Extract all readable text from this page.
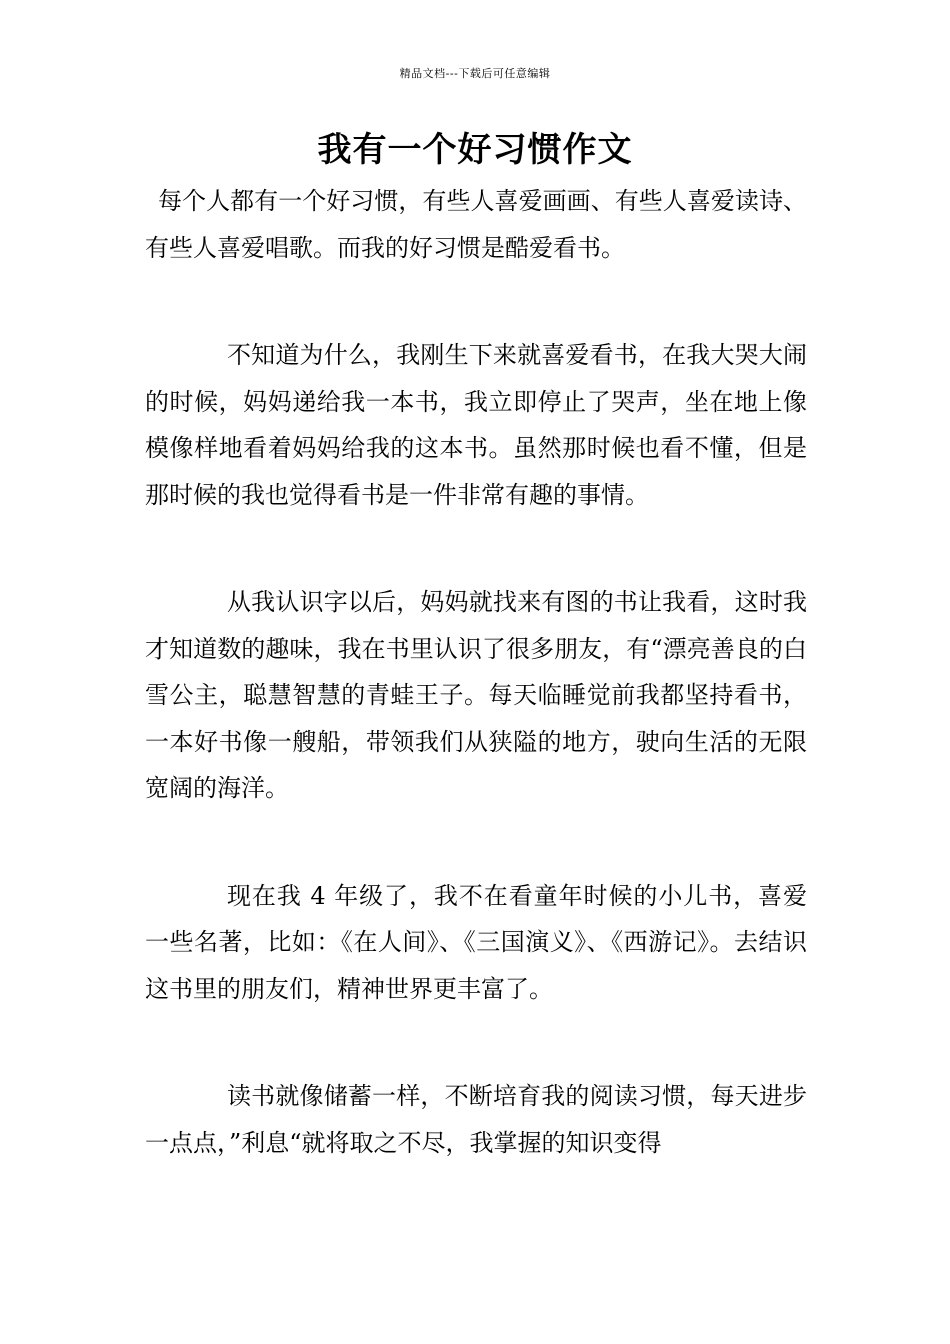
精品文档---下载后可任意编辑
我有一个好习惯作文

每个人都有一个好习惯，有些人喜爱画画、有些人喜爱读诗、有些人喜爱唱歌。而我的好习惯是酷爱看书。

不知道为什么，我刚生下来就喜爱看书，在我大哭大闹的时候，妈妈递给我一本书，我立即停止了哭声，坐在地上像模像样地看着妈妈给我的这本书。虽然那时候也看不懂，但是那时候的我也觉得看书是一件非常有趣的事情。

从我认识字以后，妈妈就找来有图的书让我看，这时我才知道数的趣味，我在书里认识了很多朋友，有“漂亮善良的白雪公主，聪慧智慧的青蛙王子。每天临睡觉前我都坚持看书，一本好书像一艘船，带领我们从狭隘的地方，驶向生活的无限宽阔的海洋。

现在我 4 年级了，我不在看童年时候的小儿书，喜爱一些名著，比如：《在人间》、《三国演义》、《西游记》。去结识这书里的朋友们，精神世界更丰富了。

读书就像储蓄一样，不断培育我的阅读习惯，每天进步一点点，”利息“就将取之不尽，我掌握的知识变得
